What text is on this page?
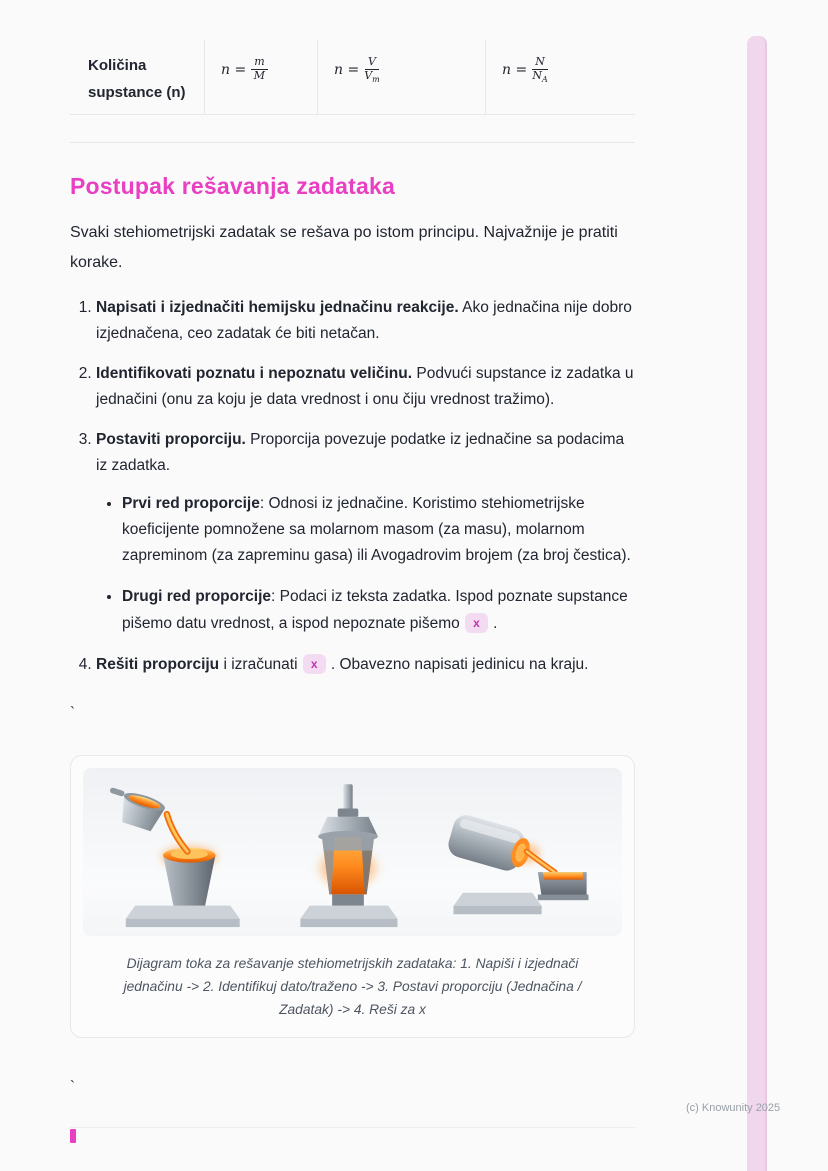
Količina supstance (n)
$n = \frac{m}{M}$	$n = \frac{V}{V_m}$	$n = \frac{N}{N_A}$
Postupak rešavanja zadataka

Svaki stehiometrijski zadatak se rešava po istom principu. Najvažnije je pratiti korake.

1. Napisati i izjednačiti hemijsku jednačinu reakcije. Ako jednačina nije dobro izjednačena, ceo zadatak će biti netačan.
2. Identifikovati poznatu i nepoznatu veličinu. Podvući supstance iz zadatka u jednačini (onu za koju je data vrednost i onu čiju vrednost tražimo).
3. Postaviti proporciju. Proporcija povezuje podatke iz jednačine sa podacima iz zadatka.
• Prvi red proporcije: Odnosi iz jednačine. Koristimo stehiometrijske koeficijente pomnožene sa molarnom masom (za masu), molarnom zapreminom (za zapreminu gasa) ili Avogadrovim brojem (za broj čestica).
• Drugi red proporcije: Podaci iz teksta zadatka. Ispod poznate supstance pišemo datu vrednost, a ispod nepoznate pišemo x .
4. Rešiti proporciju i izračunati x . Obavezno napisati jedinicu na kraju.
`
Dijagram toka za rešavanje stehiometrijskih zadataka: 1. Napiši i izjednači jednačinu -> 2. Identifikuj dato/traženo -> 3. Postavi proporciju (Jednačina / Zadatak) -> 4. Reši za x
`
(c) Knowunity 2025
